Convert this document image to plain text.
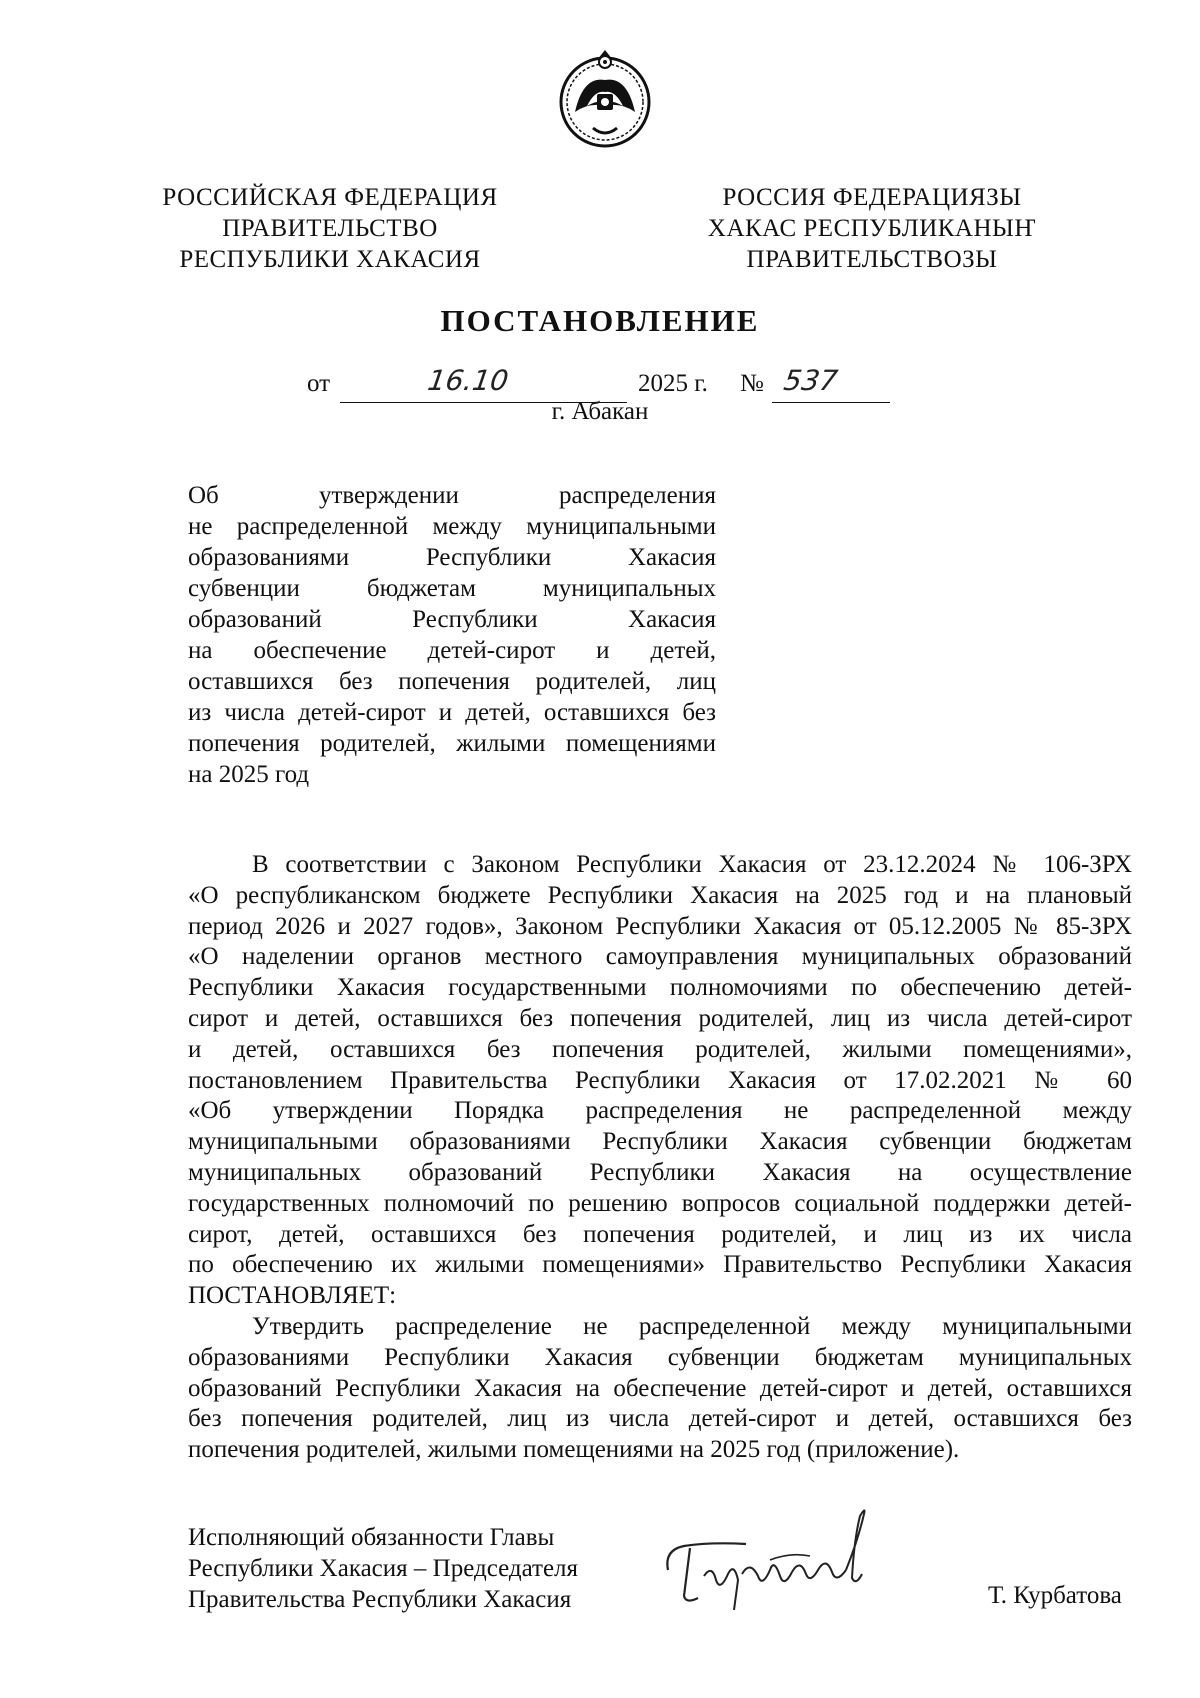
РОССИЙСКАЯ ФЕДЕРАЦИЯ
ПРАВИТЕЛЬСТВО
РЕСПУБЛИКИ ХАКАСИЯ
РОССИЯ ФЕДЕРАЦИЯЗЫ
ХАКАС РЕСПУБЛИКАНЫҤ
ПРАВИТЕЛЬСТВОЗЫ
ПОСТАНОВЛЕНИЕ
от	16.10	2025 г. № 537
г. Абакан
Об утверждении распределения
не распределенной между муниципальными
образованиями Республики Хакасия
субвенции бюджетам муниципальных
образований Республики Хакасия
на обеспечение детей-сирот и детей,
оставшихся без попечения родителей, лиц
из числа детей-сирот и детей, оставшихся без
попечения родителей, жилыми помещениями
на 2025 год
В соответствии с Законом Республики Хакасия от 23.12.2024 № 106-ЗРХ
«О республиканском бюджете Республики Хакасия на 2025 год и на плановый
период 2026 и 2027 годов», Законом Республики Хакасия от 05.12.2005 № 85-ЗРХ
«О наделении органов местного самоуправления муниципальных образований
Республики Хакасия государственными полномочиями по обеспечению детей-
сирот и детей, оставшихся без попечения родителей, лиц из числа детей-сирот
и детей, оставшихся без попечения родителей, жилыми помещениями»,
постановлением Правительства Республики Хакасия от 17.02.2021 № 60
«Об утверждении Порядка распределения не распределенной между
муниципальными образованиями Республики Хакасия субвенции бюджетам
муниципальных образований Республики Хакасия на осуществление
государственных полномочий по решению вопросов социальной поддержки детей-
сирот, детей, оставшихся без попечения родителей, и лиц из их числа
по обеспечению их жилыми помещениями» Правительство Республики Хакасия
ПОСТАНОВЛЯЕТ:
Утвердить распределение не распределенной между муниципальными
образованиями Республики Хакасия субвенции бюджетам муниципальных
образований Республики Хакасия на обеспечение детей-сирот и детей, оставшихся
без попечения родителей, лиц из числа детей-сирот и детей, оставшихся без
попечения родителей, жилыми помещениями на 2025 год (приложение).
Исполняющий обязанности Главы
Республики Хакасия – Председателя
Правительства Республики Хакасия	Т. Курбатова
